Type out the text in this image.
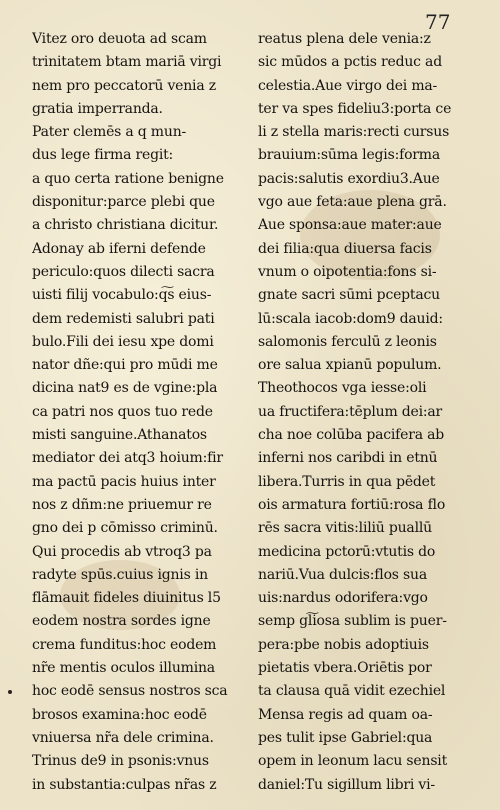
77
Vitez oro deuota ad scam
trinitatem btam mariā virgi
nem pro peccatorū venia z
gratia imperranda.
Pater clemēs a q mun-
dus lege firma regit:
a quo certa ratione benigne
disponitur:parce plebi que
a christo christiana dicitur.
Adonay ab iferni defende
periculo:quos dilecti sacra
uisti filij vocabulo:q͠s eius-
dem redemisti salubri pati
bulo.Fili dei iesu xpe domi
nator dñe:qui pro mūdi me
dicina nat9 es de vgine:pla
ca patri nos quos tuo rede
misti sanguine.Athanatos
mediator dei atq3 hoium:fir
ma pactū pacis huius inter
nos z dñm:ne priuemur re
gno dei p cōmisso criminū.
Qui procedis ab vtroq3 pa
radyte spūs.cuius ignis in
flāmauit fideles diuinitus l5
eodem nostra sordes igne
crema funditus:hoc eodem
nr̃e mentis oculos illumina
hoc eodē sensus nostros sca
brosos examina:hoc eodē
vniuersa nr̃a dele crimina.
Trinus de9 in psonis:vnus
in substantia:culpas nr̃as z
reatus plena dele venia:z
sic mūdos a pctis reduc ad
celestia.Aue virgo dei ma-
ter va spes fideliu3:porta ce
li z stella maris:recti cursus
brauium:sūma legis:forma
pacis:salutis exordiu3.Aue
vgo aue feta:aue plena grā.
Aue sponsa:aue mater:aue
dei filia:qua diuersa facis
vnum o oipotentia:fons si-
gnate sacri sūmi pceptacu
lū:scala iacob:dom9 dauid:
salomonis ferculū z leonis
ore salua xpianū populum.
Theothocos vga iesse:oli
ua fructifera:tēplum dei:ar
cha noe colūba pacifera ab
inferni nos caribdi in etnū
libera.Turris in qua pēdet
ois armatura fortiū:rosa flo
rēs sacra vitis:liliū puallū
medicina pctorū:vtutis do
nariū.Vua dulcis:flos sua
uis:nardus odorifera:vgo
semp gl͠iosa sublim is puer-
pera:pbe nobis adoptiuis
pietatis vbera.Oriētis por
ta clausa quā vidit ezechiel
Mensa regis ad quam oa-
pes tulit ipse Gabriel:qua
opem in leonum lacu sensit
daniel:Tu sigillum libri vi-
